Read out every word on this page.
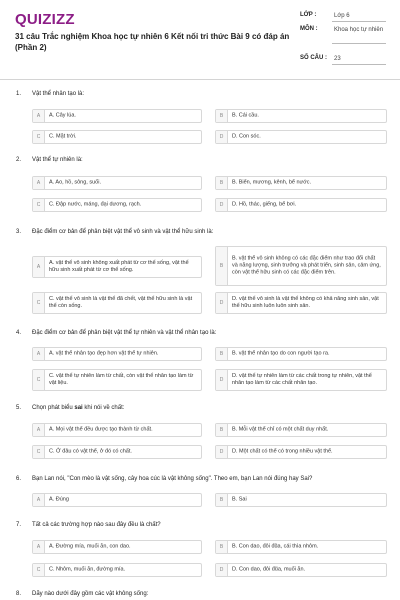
QUIZIZZ
31 câu Trắc nghiệm Khoa học tự nhiên 6 Kết nối tri thức Bài 9 có đáp án (Phần 2)
LỚP :	Lớp 6
MÔN :	Khoa học tự nhiên
SỐ CÂU : 23
1. Vật thể nhân tạo là:
A	A. Cây lúa.	B	B. Cái cầu.
C	C. Mặt trời.	D	D. Con sóc.
2. Vật thể tự nhiên là:
A	A. Ao, hồ, sông, suối.	B	B. Biển, mương, kênh, bể nước.
C	C. Đập nước, máng, đại dương, rạch.	D	D. Hồ, thác, giếng, bể bơi.
3. Đặc điểm cơ bản để phân biệt vật thể vô sinh và vật thể hữu sinh là:
A
A. vật thể vô sinh không xuất phát từ cơ thể sống, vật thể hữu sinh xuất phát từ cơ thể sống.
B
B. vật thể vô sinh không có các đặc điểm như trao đổi chất và năng lượng, sinh trưởng và phát triển, sinh sản, cảm ứng, còn vật thể hữu sinh có các đặc điểm trên.
C
C. vật thể vô sinh là vật thể đã chết, vật thể hữu sinh là vật thể còn sống.	D
D. vật thể vô sinh là vật thể không có khả năng sinh sản, vật thể hữu sinh luôn luôn sinh sản.
4. Đặc điểm cơ bản để phân biệt vật thể tự nhiên và vật thể nhân tạo là:
A	A. vật thể nhân tạo đẹp hơn vật thể tự nhiên.	B	B. vật thể nhân tạo do con người tạo ra.
C
C. vật thể tự nhiên làm từ chất, còn vật thể nhân tạo làm từ vật liệu.	D
D. vật thể tự nhiên làm từ các chất trong tự nhiên, vật thể nhân tạo làm từ các chất nhân tạo.
5. Chọn phát biểu sai khi nói về chất:
A	A. Mọi vật thể đều được tạo thành từ chất.	B	B. Mỗi vật thể chỉ có một chất duy nhất.
C	C. Ở đâu có vật thể, ở đó có chất.	D	D. Một chất có thể có trong nhiều vật thể.
6. Bạn Lan nói, "Con mèo là vật sống, cây hoa cúc là vật không sống". Theo em, bạn Lan nói đúng hay Sai?
A	A. Đúng	B	B. Sai
7. Tất cả các trường hợp nào sau đây đều là chất?
A	A. Đường mía, muối ăn, con dao.	B	B. Con dao, đôi đũa, cái thìa nhôm.
C	C. Nhôm, muối ăn, đường mía.	D	D. Con dao, đôi đũa, muối ăn.
8. Dãy nào dưới đây gồm các vật không sống:
